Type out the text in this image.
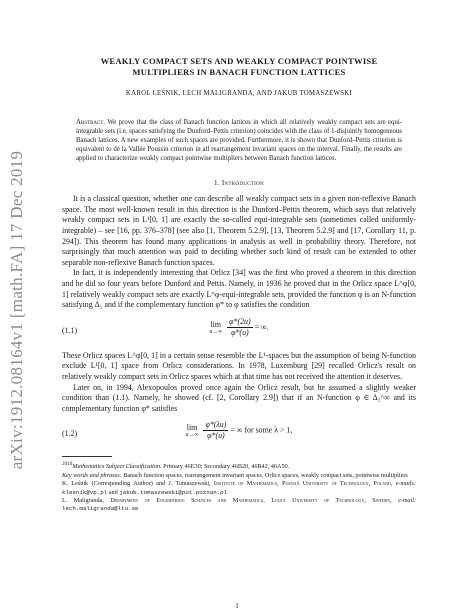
arXiv:1912.08164v1 [math.FA] 17 Dec 2019
WEAKLY COMPACT SETS AND WEAKLY COMPACT POINTWISE
MULTIPLIERS IN BANACH FUNCTION LATTICES
KAROL LEŚNIK, LECH MALIGRANDA, AND JAKUB TOMASZEWSKI
Abstract. We prove that the class of Banach function lattices in which all relatively weakly compact sets are equi-integrable sets (i.e. spaces satisfying the Dunford–Pettis criterion) coincides with the class of 1-disjointly homogeneous Banach lattices. A new examples of such spaces are provided. Furthermore, it is shown that Dunford–Pettis criterion is equivalent to de la Vallée Poussin criterion in all rearrangement invariant spaces on the interval. Finally, the results are applied to characterize weakly compact pointwise multipliers between Banach function lattices.
1. Introduction

It is a classical question, whether one can describe all weakly compact sets in a given non-reflexive Banach space. The most well-known result in this direction is the Dunford–Pettis theorem, which says that relatively weakly compact sets in L¹[0, 1] are exactly the so-called equi-integrable sets (sometimes called uniformly-integrable) – see [16, pp. 376–378] (see also [1, Theorem 5.2.9], [13, Theorem 5.2.9] and [17, Corollary 11, p. 294]). This theorem has found many applications in analysis as well in probability theory. Therefore, not surprisingly that much attention was paid to deciding whether such kind of result can be extended to other separable non-reflexive Banach function spaces.

In fact, it is independently interesting that Orlicz [34] was the first who proved a theorem in this direction and he did so four years before Dunford and Pettis. Namely, in 1936 he proved that in the Orlicz space L^φ[0, 1] relatively weakly compact sets are exactly L^φ-equi-integrable sets, provided the function φ is an N-function satisfying Δ₂ and if the complementary function φ* to φ satisfies the condition

(1.1)
lim
u→∞
$\frac{\varphi*(2u)}{\varphi*(u)}$ = ∞.

These Orlicz spaces L^φ[0, 1] in a certain sense resemble the L¹-spaces but the assumption of being N-function exclude L¹[0, 1] space from Orlicz considerations. In 1978, Luxemburg [29] recalled Orlicz's result on relatively weakly compact sets in Orlicz spaces which at that time has not received the attention it deserves.

Later on, in 1994, Alexopoulos proved once again the Orlicz result, but he assumed a slightly weaker condition than (1.1). Namely, he showed (cf. [2, Corollary 2.9]) that if an N-function φ ∈ Δ₂^∞ and its complementary function φ* satisfies

(1.2)
lim
u→∞
$\frac{\varphi*(\lambda u)}{\varphi*(u)}$ = ∞ for some λ > 1,

$^{2010}$Mathematics Subject Classification. Primary 46E30; Secondary 46B20, 46B42, 46A50.

Key words and phrases: Banach function spaces, rearrangement invariant spaces, Orlicz spaces, weakly compact sets, pointwise multipliers

K. Leśnik (Corresponding Author) and J. Tomaszewski, Institute of Mathematics, Poznań University of Technology, Poland, e-mails: klesnik@vp.pl and jakub.tomaszewski@put.poznan.pl

L. Maligranda, Department of Engineering Sciences and Mathematics, Luleå University of Technology, Sweden, e-mail: lech.maligranda@ltu.se

1
